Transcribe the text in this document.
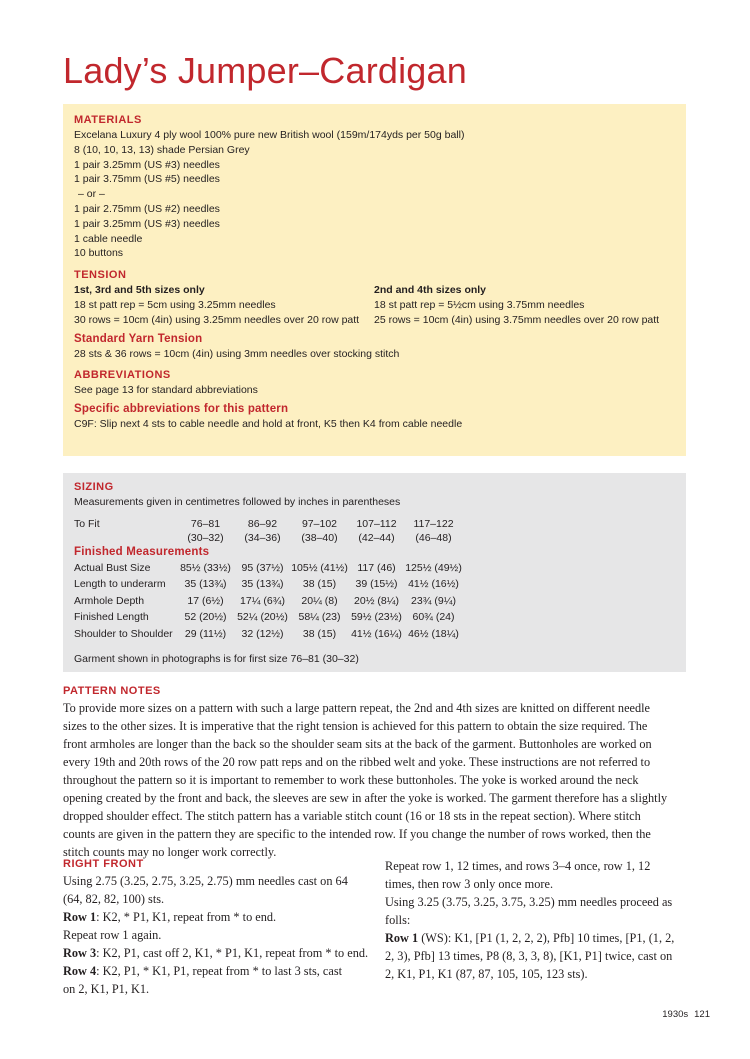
Lady’s Jumper–Cardigan
MATERIALS
Excelana Luxury 4 ply wool 100% pure new British wool (159m/174yds per 50g ball)
8 (10, 10, 13, 13) shade Persian Grey
1 pair 3.25mm (US #3) needles
1 pair 3.75mm (US #5) needles
– or –
1 pair 2.75mm (US #2) needles
1 pair 3.25mm (US #3) needles
1 cable needle
10 buttons
TENSION
1st, 3rd and 5th sizes only
18 st patt rep = 5cm using 3.25mm needles
30 rows = 10cm (4in) using 3.25mm needles over 20 row patt
2nd and 4th sizes only
18 st patt rep = 5½cm using 3.75mm needles
25 rows = 10cm (4in) using 3.75mm needles over 20 row patt
Standard Yarn Tension
28 sts & 36 rows = 10cm (4in) using 3mm needles over stocking stitch
ABBREVIATIONS
See page 13 for standard abbreviations
Specific abbreviations for this pattern
C9F: Slip next 4 sts to cable needle and hold at front, K5 then K4 from cable needle
SIZING
Measurements given in centimetres followed by inches in parentheses
To Fit	76–81	86–92	97–102	107–112	117–122
	(30–32)	(34–36)	(38–40)	(42–44)	(46–48)
Finished Measurements					
Actual Bust Size	85½ (33½)	95 (37½)	105½ (41½)	117 (46)	125½ (49½)
Length to underarm	35 (13¾)	35 (13¾)	38 (15)	39 (15½)	41½ (16½)
Armhole Depth	17 (6½)	17¼ (6¾)	20¼ (8)	20½ (8¼)	23¾ (9¼)
Finished Length	52 (20½)	52¼ (20½)	58¼ (23)	59½ (23½)	60¾ (24)
Shoulder to Shoulder	29 (11½)	32 (12½)	38 (15)	41½ (16¼)	46½ (18¼)
Garment shown in photographs is for first size 76–81 (30–32)
PATTERN NOTES
To provide more sizes on a pattern with such a large pattern repeat, the 2nd and 4th sizes are knitted on different needle
sizes to the other sizes. It is imperative that the right tension is achieved for this pattern to obtain the size required. The
front armholes are longer than the back so the shoulder seam sits at the back of the garment. Buttonholes are worked on
every 19th and 20th rows of the 20 row patt reps and on the ribbed welt and yoke. These instructions are not referred to
throughout the pattern so it is important to remember to work these buttonholes. The yoke is worked around the neck
opening created by the front and back, the sleeves are sew in after the yoke is worked. The garment therefore has a slightly
dropped shoulder effect. The stitch pattern has a variable stitch count (16 or 18 sts in the repeat section). Where stitch
counts are given in the pattern they are specific to the intended row. If you change the number of rows worked, then the
stitch counts may no longer work correctly.
RIGHT FRONT

Using 2.75 (3.25, 2.75, 3.25, 2.75) mm needles cast on 64

(64, 82, 82, 100) sts.

Row 1: K2, * P1, K1, repeat from * to end.

Repeat row 1 again.

Row 3: K2, P1, cast off 2, K1, * P1, K1, repeat from * to end.

Row 4: K2, P1, * K1, P1, repeat from * to last 3 sts, cast

on 2, K1, P1, K1.

Repeat row 1, 12 times, and rows 3–4 once, row 1, 12

times, then row 3 only once more.

Using 3.25 (3.75, 3.25, 3.75, 3.25) mm needles proceed as

folls:

Row 1 (WS): K1, [P1 (1, 2, 2, 2), Pfb] 10 times, [P1, (1, 2,

2, 3), Pfb] 13 times, P8 (8, 3, 3, 8), [K1, P1] twice, cast on

2, K1, P1, K1 (87, 87, 105, 105, 123 sts).

1930s 121
